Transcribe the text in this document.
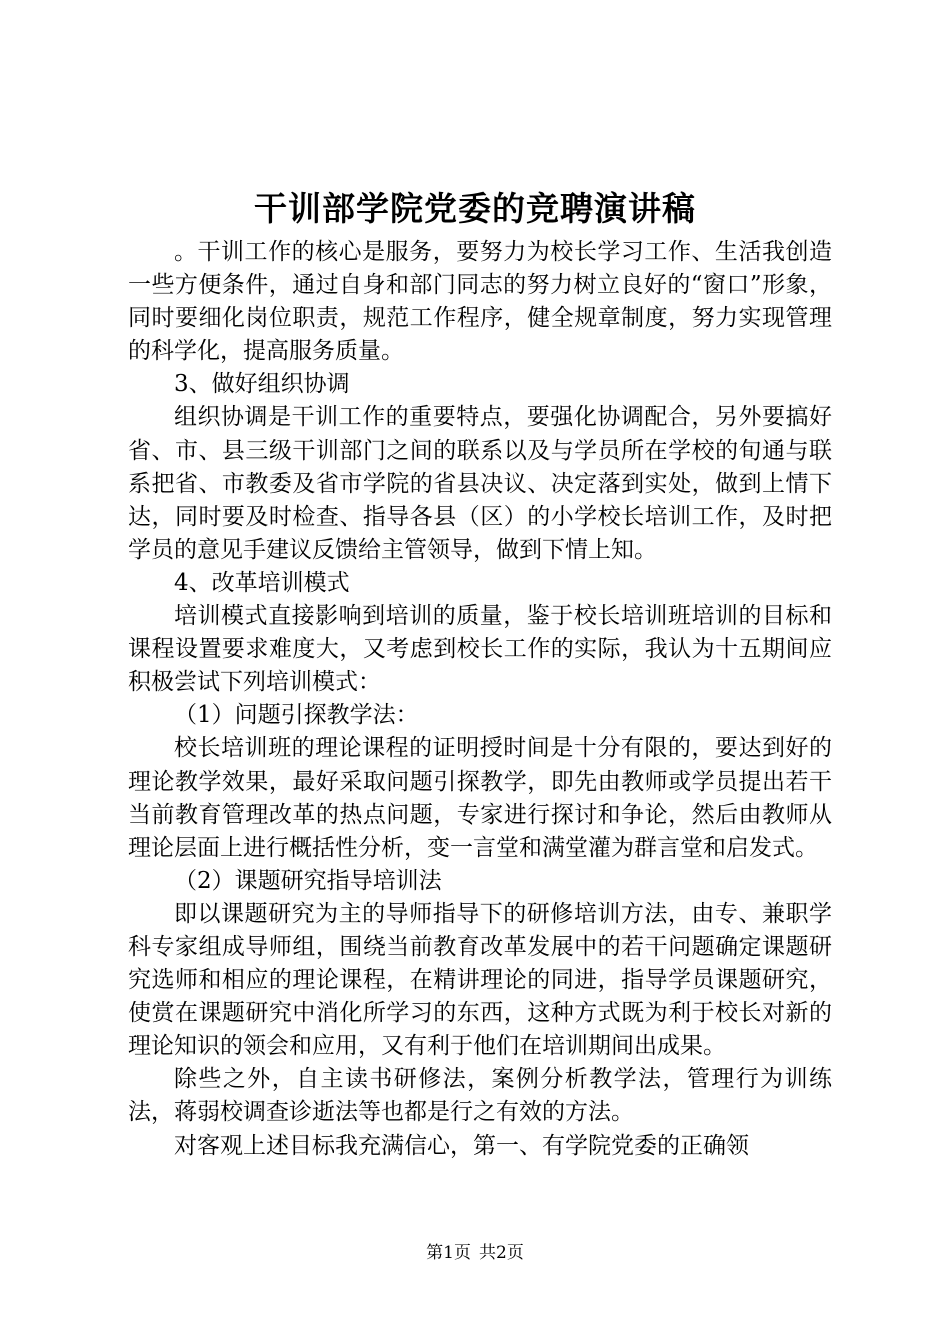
干训部学院党委的竞聘演讲稿

。干训工作的核心是服务，要努力为校长学习工作、生活我创造一些方便条件，通过自身和部门同志的努力树立良好的“窗口”形象，同时要细化岗位职责，规范工作程序，健全规章制度，努力实现管理的科学化，提高服务质量。

3、做好组织协调

组织协调是干训工作的重要特点，要强化协调配合，另外要搞好省、市、县三级干训部门之间的联系以及与学员所在学校的旬通与联系把省、市教委及省市学院的省县决议、决定落到实处，做到上情下达，同时要及时检查、指导各县（区）的小学校长培训工作，及时把学员的意见手建议反馈给主管领导，做到下情上知。

4、改革培训模式

培训模式直接影响到培训的质量，鉴于校长培训班培训的目标和课程设置要求难度大，又考虑到校长工作的实际，我认为十五期间应积极尝试下列培训模式：

（1）问题引探教学法：

校长培训班的理论课程的证明授时间是十分有限的，要达到好的理论教学效果，最好采取问题引探教学，即先由教师或学员提出若干当前教育管理改革的热点问题，专家进行探讨和争论，然后由教师从理论层面上进行概括性分析，变一言堂和满堂灌为群言堂和启发式。

（2）课题研究指导培训法

即以课题研究为主的导师指导下的研修培训方法，由专、兼职学科专家组成导师组，围绕当前教育改革发展中的若干问题确定课题研究选师和相应的理论课程，在精讲理论的同进，指导学员课题研究，使赏在课题研究中消化所学习的东西，这种方式既为利于校长对新的理论知识的领会和应用，又有利于他们在培训期间出成果。

除些之外，自主读书研修法，案例分析教学法，管理行为训练法，蒋弱校调查诊逝法等也都是行之有效的方法。

对客观上述目标我充满信心，第一、有学院党委的正确领

第1页 共2页
